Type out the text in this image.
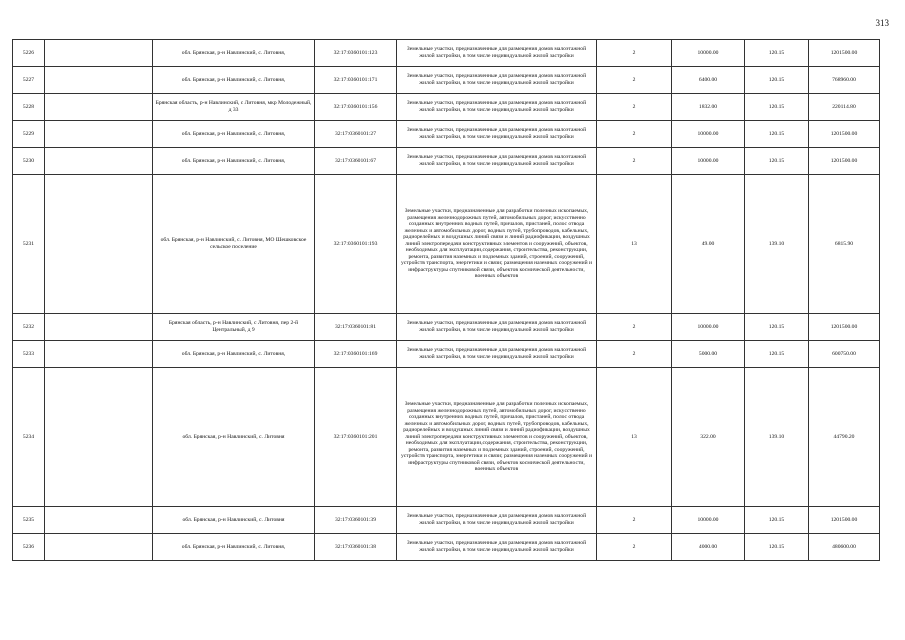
313
5226		обл. Брянская, р-н Навлинский, с. Литовня,	32:17:0360101:123	Земельные участки, предназначенные для размещения домов малоэтажной жилой застройки, в том числе индивидуальной жилой застройки	2	10000.00	120.15	1201500.00

5227		обл. Брянская, р-н Навлинский, с. Литовня,	32:17:0360101:171	Земельные участки, предназначенные для размещения домов малоэтажной жилой застройки, в том числе индивидуальной жилой застройки	2	6400.00	120.15	768960.00

5228		Брянская область, р-н Навлинский, с Литовня, мкр Молодежный, д 33	32:17:0360101:156	Земельные участки, предназначенные для размещения домов малоэтажной жилой застройки, в том числе индивидуальной жилой застройки	2	1832.00	120.15	220114.80

5229		обл. Брянская, р-н Навлинский, с. Литовня,	32:17:0360101:27	Земельные участки, предназначенные для размещения домов малоэтажной жилой застройки, в том числе индивидуальной жилой застройки	2	10000.00	120.15	1201500.00

5230		обл. Брянская, р-н Навлинский, с. Литовня,	32:17:0360101:67	Земельные участки, предназначенные для размещения домов малоэтажной жилой застройки, в том числе индивидуальной жилой застройки	2	10000.00	120.15	1201500.00

5231		обл. Брянская, р-н Навлинский, с. Литовня, МО Шешковское сельское поселение	32:17:0360101:193	Земельные участки, предназначенные для разработки полезных ископаемых, размещения железнодорожных путей, автомобильных дорог, искусственно созданных внутренних водных путей, причалов, пристаней, полос отвода железных и автомобильных дорог, водных путей, трубопроводов, кабельных, радиорелейных и воздушных линий связи и линий радиофикации, воздушных линий электропередачи конструктивных элементов и сооружений, объектов, необходимых для эксплуатации,содержания, строительства, реконструкции, ремонта, развития наземных и подземных зданий, строений, сооружений, устройств транспорта, энергетики и связи; размещения наземных сооружений и инфраструктуры спутниковой связи, объектов космической деятельности, военных объектов	13	49.00	139.10	6815.90

5232		Брянская область, р-н Навлинский, с Литовня, пер 2-й Центральный, д 9	32:17:0360101:81	Земельные участки, предназначенные для размещения домов малоэтажной жилой застройки, в том числе индивидуальной жилой застройки	2	10000.00	120.15	1201500.00

5233		обл. Брянская, р-н Навлинский, с. Литовня,	32:17:0360101:169	Земельные участки, предназначенные для размещения домов малоэтажной жилой застройки, в том числе индивидуальной жилой застройки	2	5000.00	120.15	600750.00

5234		обл. Брянская, р-н Навлинский, с. Литовня	32:17:0360101:201	Земельные участки, предназначенные для разработки полезных ископаемых, размещения железнодорожных путей, автомобильных дорог, искусственно созданных внутренних водных путей, причалов, пристаней, полос отвода железных и автомобильных дорог, водных путей, трубопроводов, кабельных, радиорелейных и воздушных линий связи и линий радиофикации, воздушных линий электропередачи конструктивных элементов и сооружений, объектов, необходимых для эксплуатации,содержания, строительства, реконструкции, ремонта, развития наземных и подземных зданий, строений, сооружений, устройств транспорта, энергетики и связи; размещения наземных сооружений и инфраструктуры спутниковой связи, объектов космической деятельности, военных объектов	13	322.00	139.10	44790.20

5235		обл. Брянская, р-н Навлинский, с. Литовня	32:17:0360101:39	Земельные участки, предназначенные для размещения домов малоэтажной жилой застройки, в том числе индивидуальной жилой застройки	2	10000.00	120.15	1201500.00

5236		обл. Брянская, р-н Навлинский, с. Литовня,	32:17:0360101:38	Земельные участки, предназначенные для размещения домов малоэтажной жилой застройки, в том числе индивидуальной жилой застройки	2	4000.00	120.15	480600.00
